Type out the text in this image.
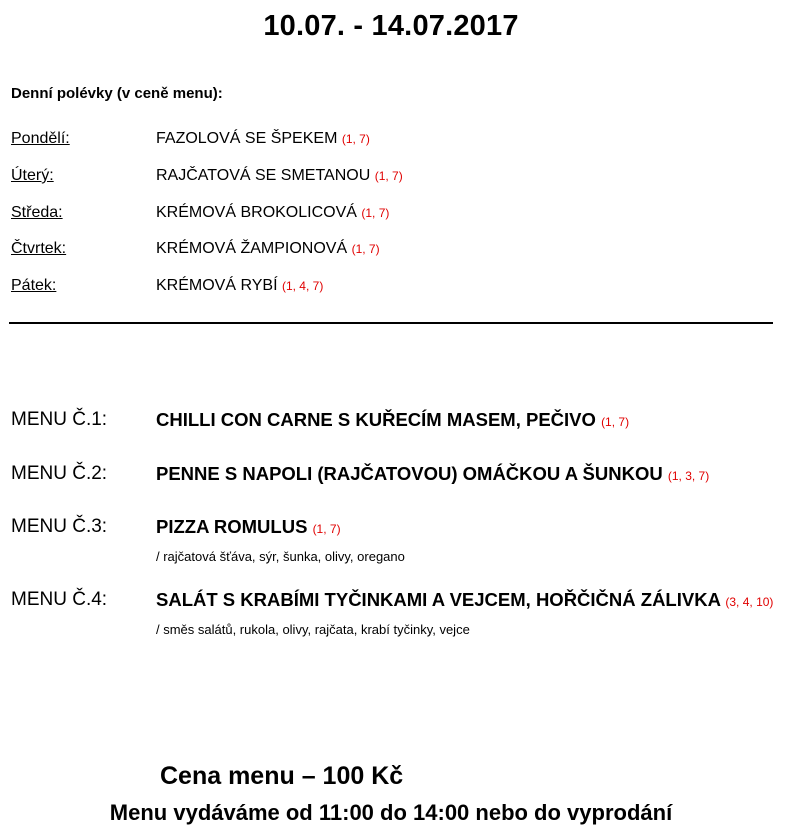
10.07. - 14.07.2017
Denní polévky (v ceně menu):
Pondělí:	FAZOLOVÁ SE ŠPEKEM (1, 7)
Úterý:	RAJČATOVÁ SE SMETANOU (1, 7)
Středa:	KRÉMOVÁ BROKOLICOVÁ (1, 7)
Čtvrtek:	KRÉMOVÁ ŽAMPIONOVÁ (1, 7)
Pátek:	KRÉMOVÁ RYBÍ (1, 4, 7)
MENU Č.1:	CHILLI CON CARNE S KUŘECÍM MASEM, PEČIVO (1, 7)
MENU Č.2:	PENNE S NAPOLI (RAJČATOVOU) OMÁČKOU A ŠUNKOU (1, 3, 7)
MENU Č.3:	PIZZA ROMULUS (1, 7)
/ rajčatová šťáva, sýr, šunka, olivy, oregano
MENU Č.4:	SALÁT S KRABÍMI TYČINKAMI A VEJCEM, HOŘČIČNÁ ZÁLIVKA (3, 4, 10)
/ směs salátů, rukola, olivy, rajčata, krabí tyčinky, vejce
Cena menu – 100 Kč
Menu vydáváme od 11:00 do 14:00 nebo do vyprodání
